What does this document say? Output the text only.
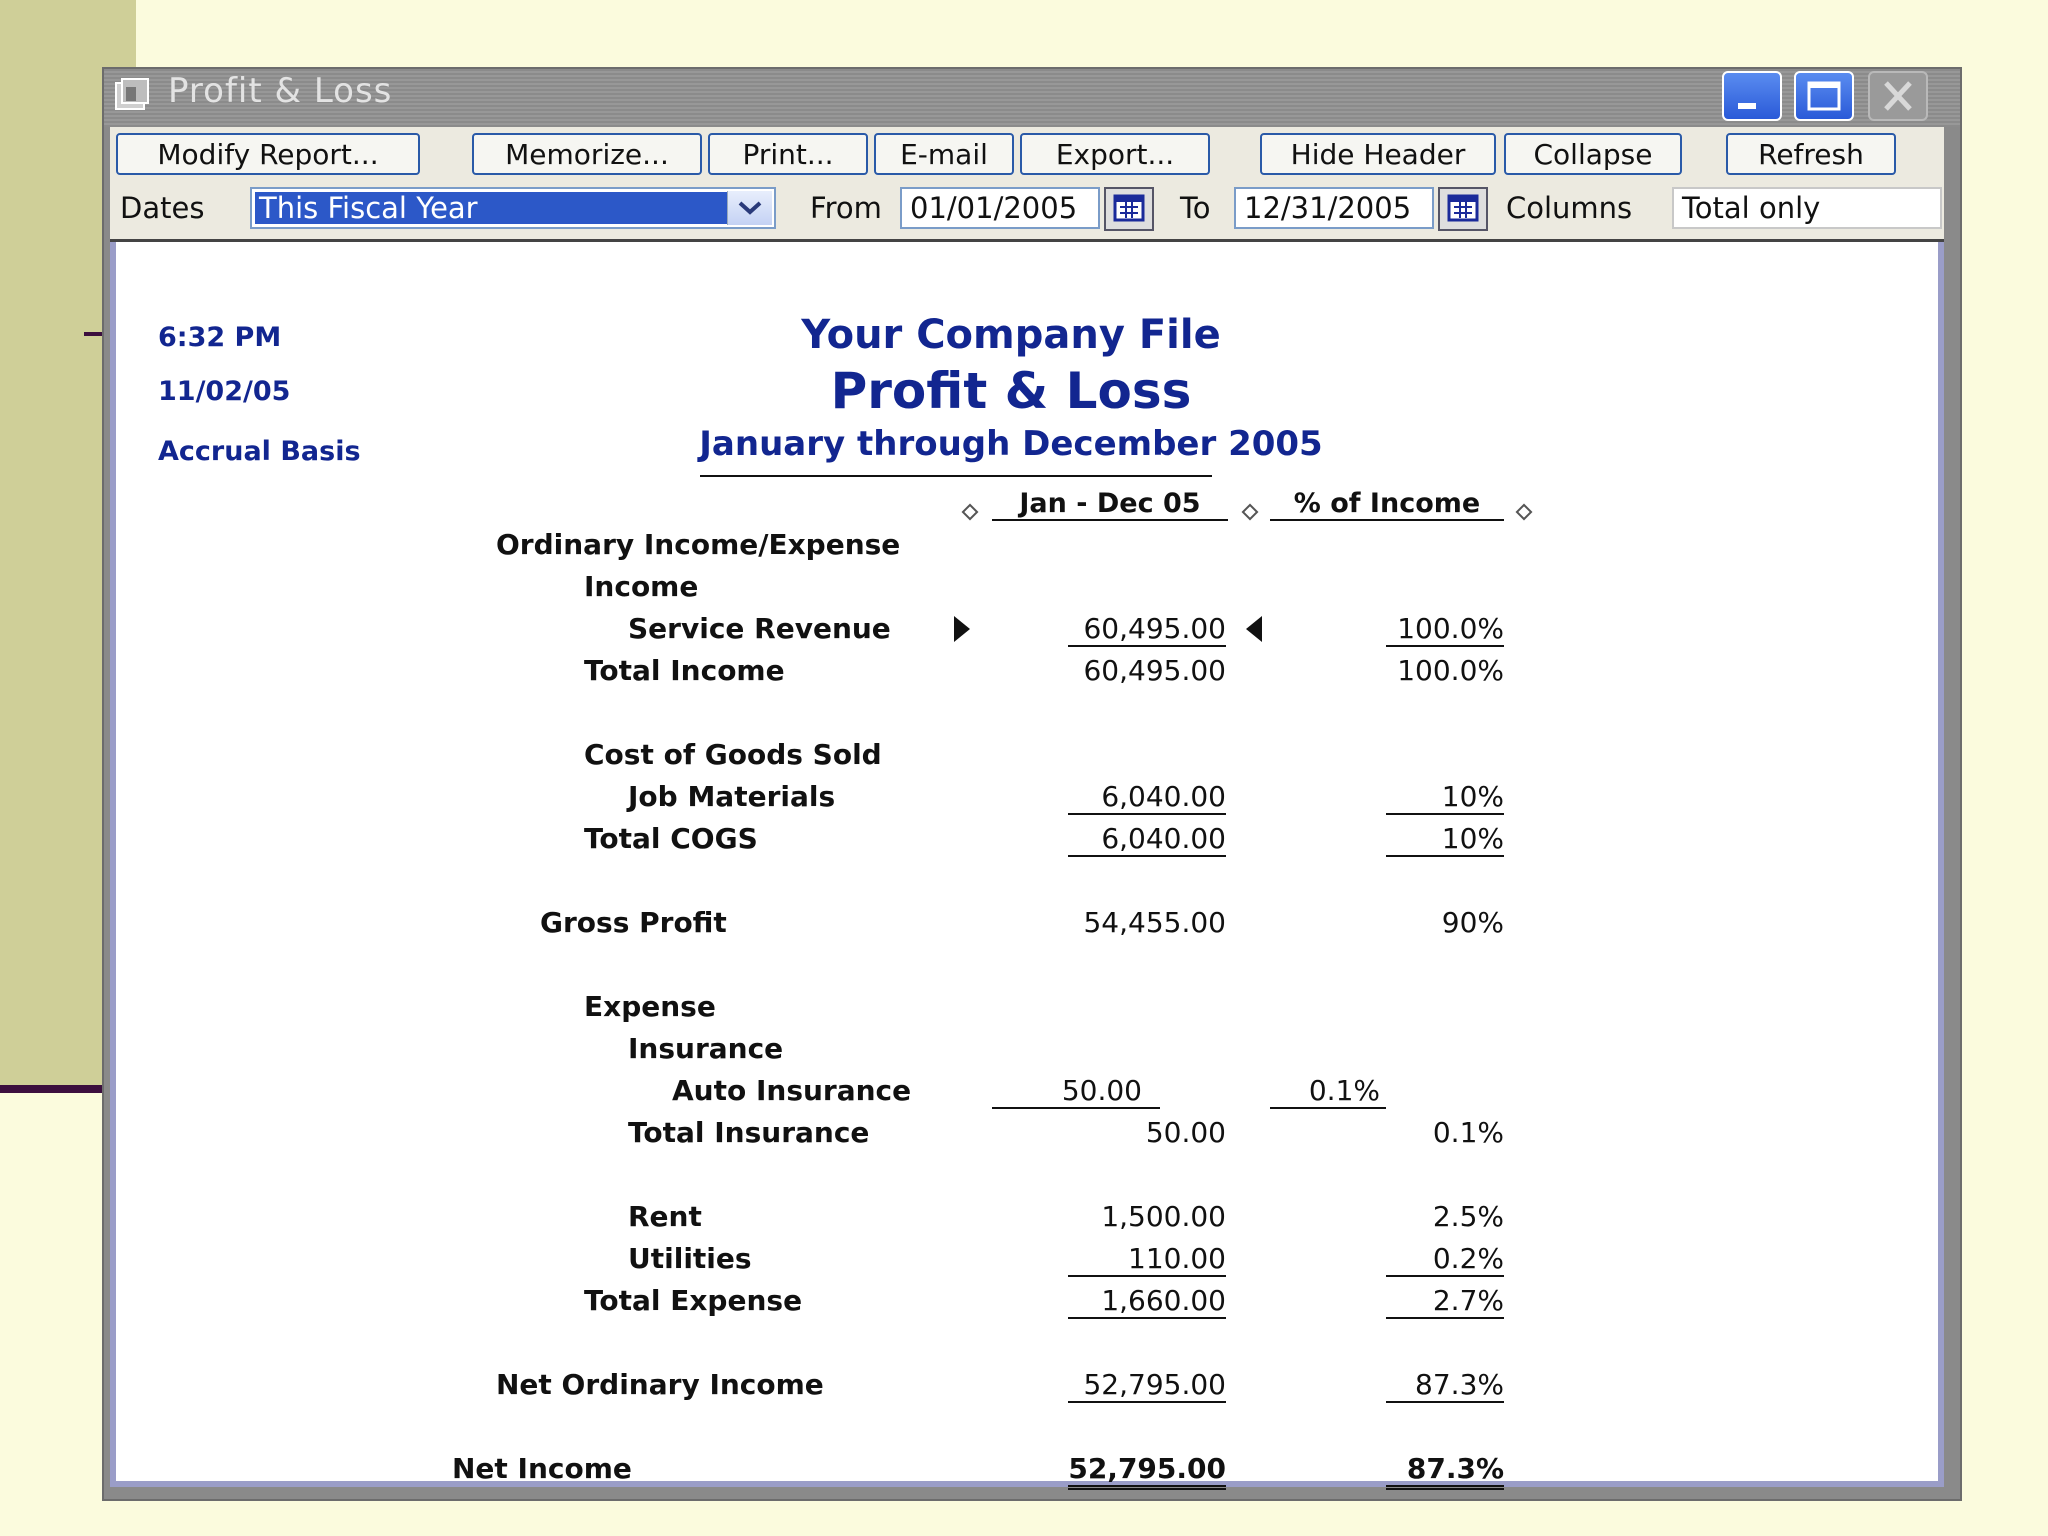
Profit & Loss
Modify Report...	Memorize...	Print...	E-mail	Export...	Hide Header	Collapse	Refresh
Dates This Fiscal Year	From 01/01/2005	To	12/31/2005	Columns	Total only
6:32 PM
11/02/05
Accrual Basis
Your Company File
Profit & Loss
January through December 2005
Jan - Dec 05	% of Income
Ordinary Income/Expense
Income
Service Revenue	60,495.00	100.0%
Total Income	60,495.00	100.0%
Cost of Goods Sold
Job Materials	6,040.00	10%
Total COGS	6,040.00	10%
Gross Profit	54,455.00	90%
Expense
Insurance
Auto Insurance	50.00	0.1%
Total Insurance	50.00	0.1%
Rent	1,500.00	2.5%
Utilities	110.00	0.2%
Total Expense	1,660.00	2.7%
Net Ordinary Income	52,795.00	87.3%
Net Income	52,795.00	87.3%
